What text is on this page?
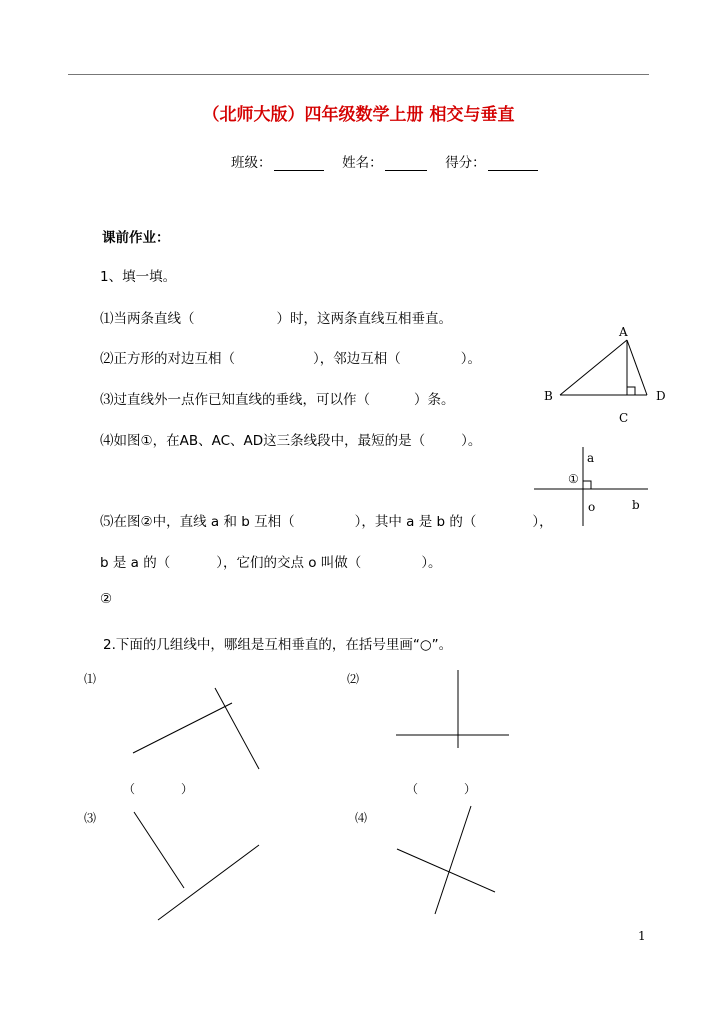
（北师大版）四年级数学上册 相交与垂直
班级：	姓名：	得分：
课前作业：
1、填一填。
⑴当两条直线（	）时，这两条直线互相垂直。
⑵正方形的对边互相（	），邻边互相（	）。
⑶过直线外一点作已知直线的垂线，可以作（	）条。
⑷如图①，在AB、AC、AD这三条线段中，最短的是（	）。
⑸在图②中，直线 a 和 b 互相（	），其中 a 是 b 的（	），
b 是 a 的（	），它们的交点 o 叫做（	）。
②
2.下面的几组线中，哪组是互相垂直的，在括号里画“○”。
A
B
C
D
①
a
b
o
⑴	⑵
⑶	⑷
（	）	（	）
1
